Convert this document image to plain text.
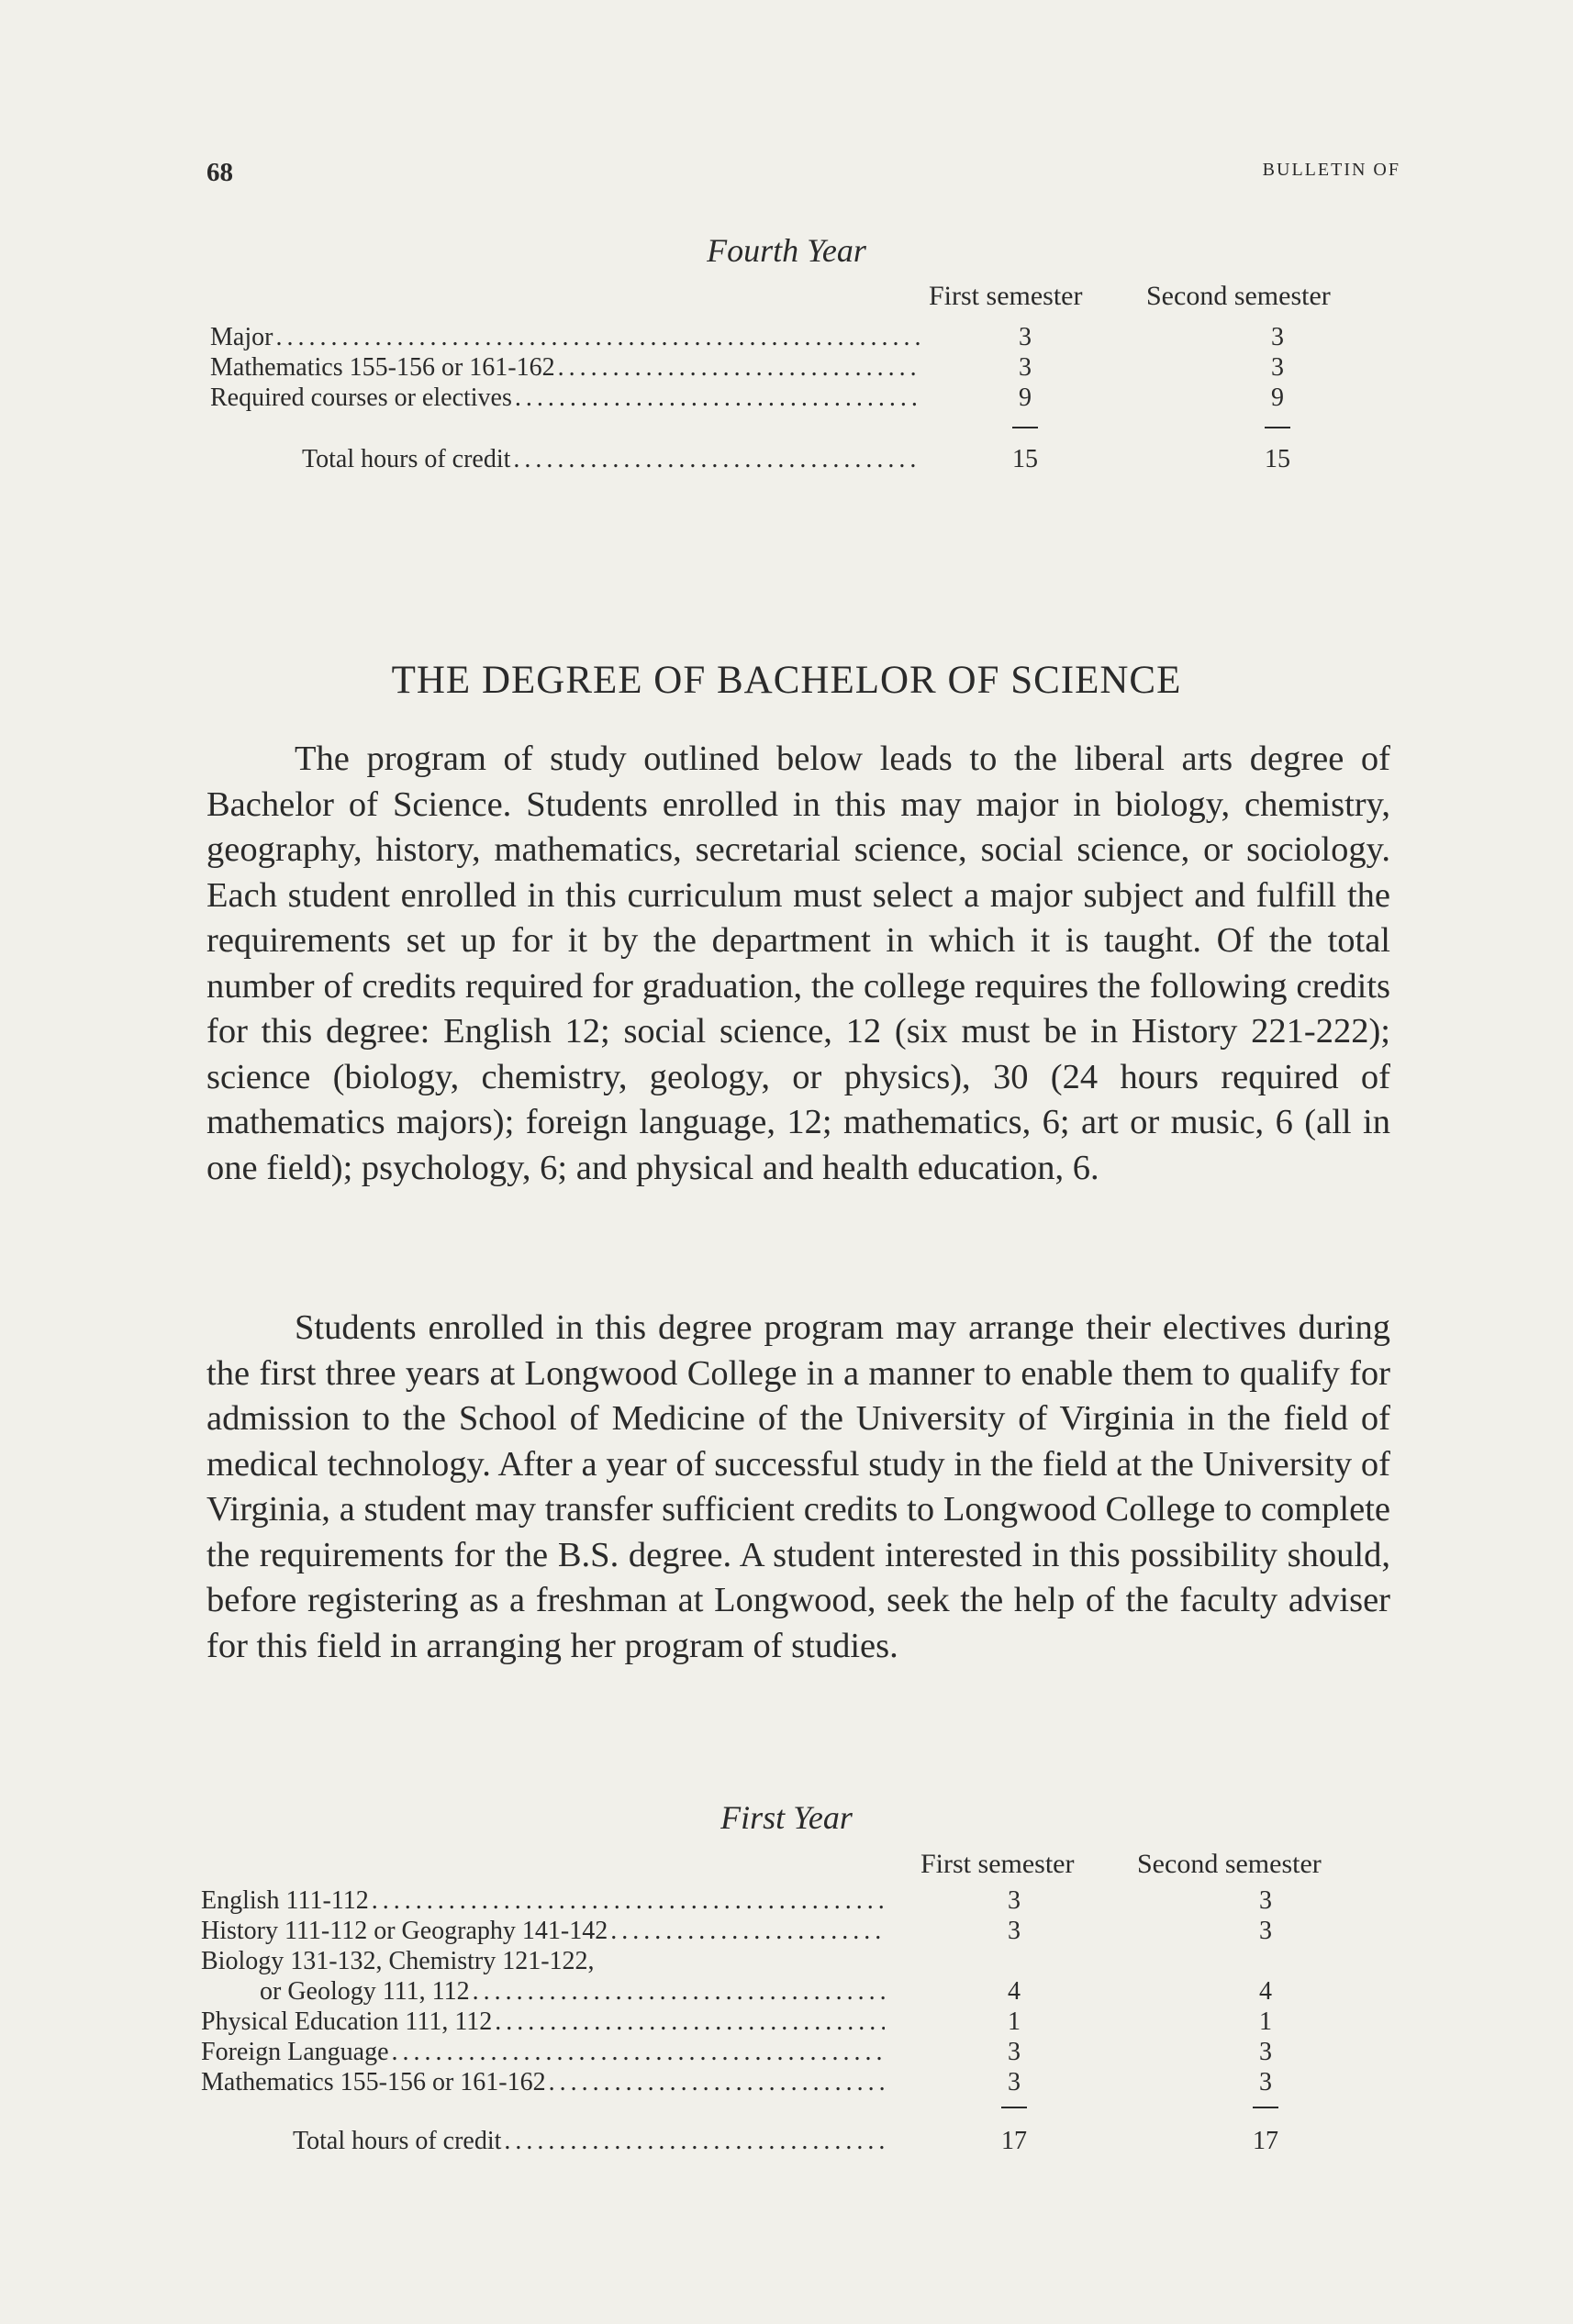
68	BULLETIN OF
Fourth Year
First semester Second semester
Major . . .	3	3
Mathematics 155-156 or 161-162 . . .	3	3
Required courses or electives . . .	9	9
Total hours of credit . . .	15	15
THE DEGREE OF BACHELOR OF SCIENCE

The program of study outlined below leads to the liberal arts degree of Bachelor of Science. Students enrolled in this may major in biology, chemistry, geography, history, mathematics, secretarial science, social science, or sociology. Each student enrolled in this curriculum must select a major subject and fulfill the requirements set up for it by the department in which it is taught. Of the total number of credits required for graduation, the college requires the following credits for this degree: English 12; social science, 12 (six must be in History 221-222); science (biology, chemistry, geology, or physics), 30 (24 hours required of mathematics majors); foreign language, 12; mathematics, 6; art or music, 6 (all in one field); psychology, 6; and physical and health education, 6.

Students enrolled in this degree program may arrange their electives during the first three years at Longwood College in a manner to enable them to qualify for admission to the School of Medicine of the University of Virginia in the field of medical technology. After a year of successful study in the field at the University of Virginia, a student may transfer sufficient credits to Longwood College to complete the requirements for the B.S. degree. A student interested in this possibility should, before registering as a freshman at Longwood, seek the help of the faculty adviser for this field in arranging her program of studies.

First Year
First semester Second semester
English 111-112 . . .	3	3
History 111-112 or Geography 141-142 . . .	3	3
Biology 131-132, Chemistry 121-122,
or Geology 111, 112 . . .	4	4
Physical Education 111, 112 . . .	1	1
Foreign Language . . .	3	3
Mathematics 155-156 or 161-162 . . .	3	3
Total hours of credit . . .	17	17
